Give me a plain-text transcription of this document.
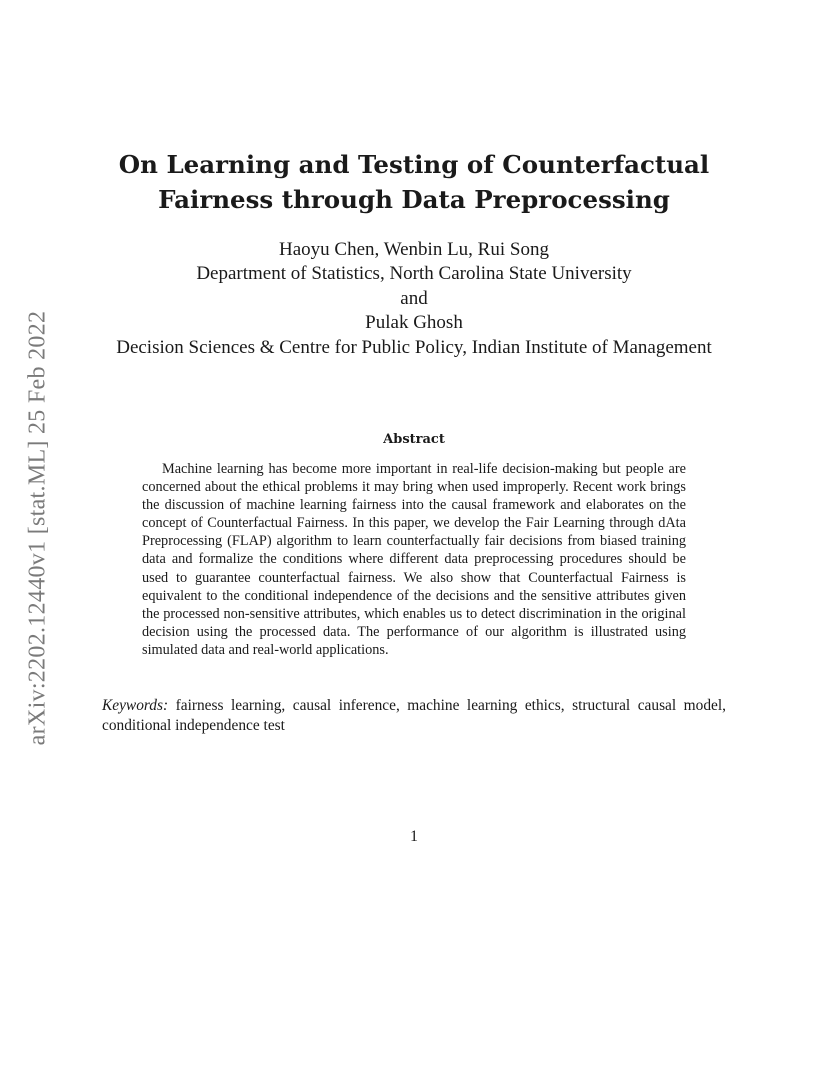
arXiv:2202.12440v1 [stat.ML] 25 Feb 2022
On Learning and Testing of Counterfactual
Fairness through Data Preprocessing
Haoyu Chen, Wenbin Lu, Rui Song
Department of Statistics, North Carolina State University
and
Pulak Ghosh
Decision Sciences & Centre for Public Policy, Indian Institute of Management
Abstract

Machine learning has become more important in real-life decision-making but people are concerned about the ethical problems it may bring when used improperly. Recent work brings the discussion of machine learning fairness into the causal framework and elaborates on the concept of Counterfactual Fairness. In this paper, we develop the Fair Learning through dAta Preprocessing (FLAP) algorithm to learn counterfactually fair decisions from biased training data and formalize the conditions where different data preprocessing procedures should be used to guarantee counterfactual fairness. We also show that Counterfactual Fairness is equivalent to the conditional independence of the decisions and the sensitive attributes given the processed non-sensitive attributes, which enables us to detect discrimination in the original decision using the processed data. The performance of our algorithm is illustrated using simulated data and real-world applications.

Keywords: fairness learning, causal inference, machine learning ethics, structural causal model, conditional independence test
1
